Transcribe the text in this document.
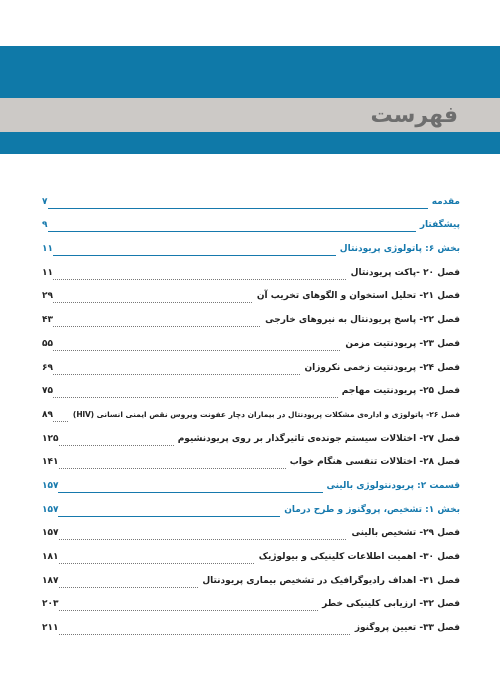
فهرست
مقدمه
۷
پیشگفتار
۹
بخش ۶: پاتولوژی پریودنتال
۱۱
فصل ۲۰ -پاکت پریودنتال
۱۱
فصل ۲۱- تحلیل استخوان و الگوهای تخریب آن
۲۹
فصل ۲۲- پاسخ پریودنتال به نیروهای خارجی
۴۳
فصل ۲۳- پریودنتیت مزمن
۵۵
فصل ۲۴- پریودنتیت زخمی نکروزان
۶۹
فصل ۲۵- پریودنتیت مهاجم
۷۵
فصل ۲۶- پاتولوژی و اداره‌ی مشکلات پریودنتال در بیماران دچار عفونت ویروس نقص ایمنی انسانی (HIV)
۸۹
فصل ۲۷- اختلالات سیستم جونده‌ی تاثیرگذار بر روی پریودنشیوم
۱۲۵
فصل ۲۸- اختلالات تنفسی هنگام خواب
۱۴۱
قسمت ۲: پریودنتولوژی بالینی
۱۵۷
بخش ۱: تشخیص، پروگنوز و طرح درمان
۱۵۷
فصل ۲۹- تشخیص بالینی
۱۵۷
فصل ۳۰- اهمیت اطلاعات کلینیکی و بیولوژیک
۱۸۱
فصل ۳۱- اهداف رادیوگرافیک در تشخیص بیماری پریودنتال
۱۸۷
فصل ۳۲- ارزیابی کلینیکی خطر
۲۰۳
فصل ۳۳- تعیین پروگنوز
۲۱۱
